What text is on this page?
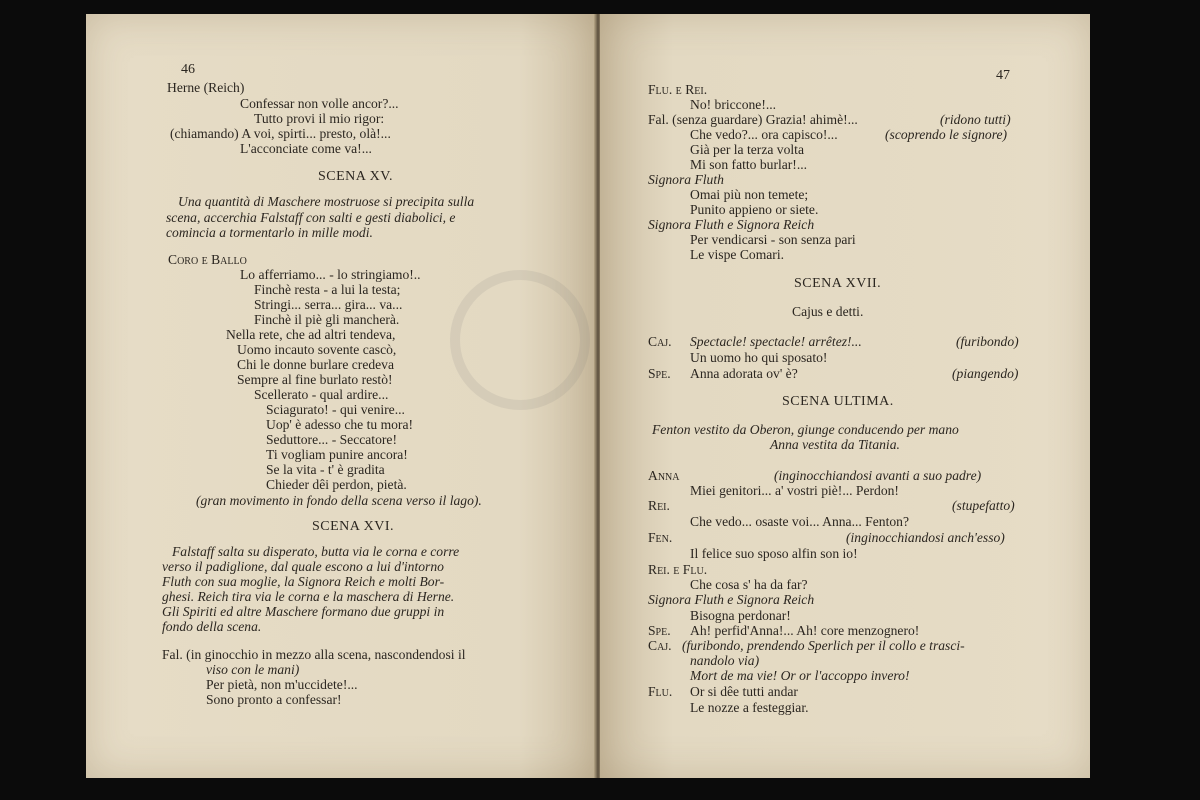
46
Herne (Reich)
Confessar non volle ancor?...
Tutto provi il mio rigor:
(chiamando) A voi, spirti... presto, olà!...
L'acconciate come va!...
SCENA XV.
Una quantità di Maschere mostruose si precipita sulla
scena, accerchia Falstaff con salti e gesti diabolici, e
comincia a tormentarlo in mille modi.
Coro e Ballo
Lo afferriamo... - lo stringiamo!..
Finchè resta - a lui la testa;
Stringi... serra... gira... va...
Finchè il piè gli mancherà.
Nella rete, che ad altri tendeva,
Uomo incauto sovente cascò,
Chi le donne burlare credeva
Sempre al fine burlato restò!
Scellerato - qual ardire...
Sciagurato! - qui venire...
Uop' è adesso che tu mora!
Seduttore... - Seccatore!
Ti vogliam punire ancora!
Se la vita - t' è gradita
Chieder dêi perdon, pietà.
(gran movimento in fondo della scena verso il lago).
SCENA XVI.
Falstaff salta su disperato, butta via le corna e corre
verso il padiglione, dal quale escono a lui d'intorno
Fluth con sua moglie, la Signora Reich e molti Bor-
ghesi. Reich tira via le corna e la maschera di Herne.
Gli Spiriti ed altre Maschere formano due gruppi in
fondo della scena.
Fal. (in ginocchio in mezzo alla scena, nascondendosi il
viso con le mani)
Per pietà, non m'uccidete!...
Sono pronto a confessar!
47
Flu. e Rei.
No! briccone!...
Fal. (senza guardare) Grazia! ahimè!...	(ridono tutti)
Che vedo?... ora capisco!...	(scoprendo le signore)
Già per la terza volta
Mi son fatto burlar!...
Signora Fluth
Omai più non temete;
Punito appieno or siete.
Signora Fluth e Signora Reich
Per vendicarsi - son senza pari
Le vispe Comari.
SCENA XVII.
Cajus e detti.
Caj. Spectacle! spectacle! arrêtez!...	(furibondo)
Un uomo ho qui sposato!
Spe. Anna adorata ov' è?	(piangendo)
SCENA ULTIMA.
Fenton vestito da Oberon, giunge conducendo per mano
Anna vestita da Titania.
Anna	(inginocchiandosi avanti a suo padre)
Miei genitori... a' vostri piè!... Perdon!
Rei.	(stupefatto)
Che vedo... osaste voi... Anna... Fenton?
Fen.	(inginocchiandosi anch'esso)
Il felice suo sposo alfin son io!
Rei. e Flu.
Che cosa s' ha da far?
Signora Fluth e Signora Reich
Bisogna perdonar!
Spe. Ah! perfid'Anna!... Ah! core menzognero!
Caj. (furibondo, prendendo Sperlich per il collo e trasci-
nandolo via)
Mort de ma vie! Or or l'accoppo invero!
Flu. Or si dêe tutti andar
Le nozze a festeggiar.
